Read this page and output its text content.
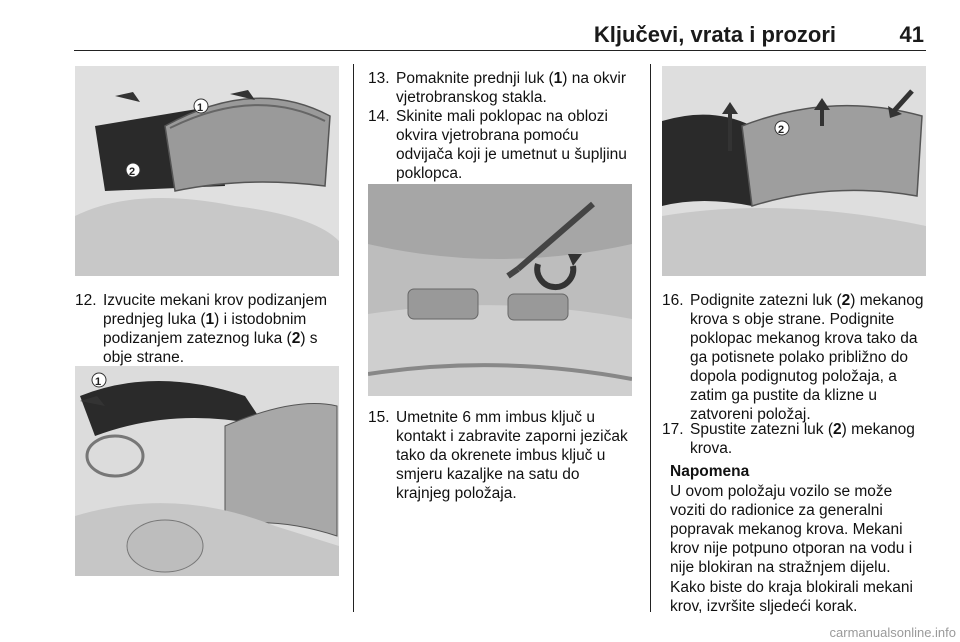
Ključevi, vrata i prozori	41
1
2
12. Izvucite mekani krov podizanjem
prednjeg luka (1) i istodobnim
podizanjem zateznog luka (2) s
obje strane.
1
13. Pomaknite prednji luk (1) na okvir
vjetrobranskog stakla.
14. Skinite mali poklopac na oblozi
okvira vjetrobrana pomoću
odvijača koji je umetnut u šupljinu
poklopca.
15. Umetnite 6 mm imbus ključ u
kontakt i zabravite zaporni jezičak
tako da okrenete imbus ključ u
smjeru kazaljke na satu do
krajnjeg položaja.
2
16. Podignite zatezni luk (2) mekanog
krova s obje strane. Podignite
poklopac mekanog krova tako da
ga potisnete polako približno do
dopola podignutog položaja, a
zatim ga pustite da klizne u
zatvoreni položaj.
17. Spustite zatezni luk (2) mekanog
krova.
Napomena
U ovom položaju vozilo se može
voziti do radionice za generalni
popravak mekanog krova. Mekani
krov nije potpuno otporan na vodu i
nije blokiran na stražnjem dijelu.
Kako biste do kraja blokirali mekani
krov, izvršite sljedeći korak.
carmanualsonline.info
